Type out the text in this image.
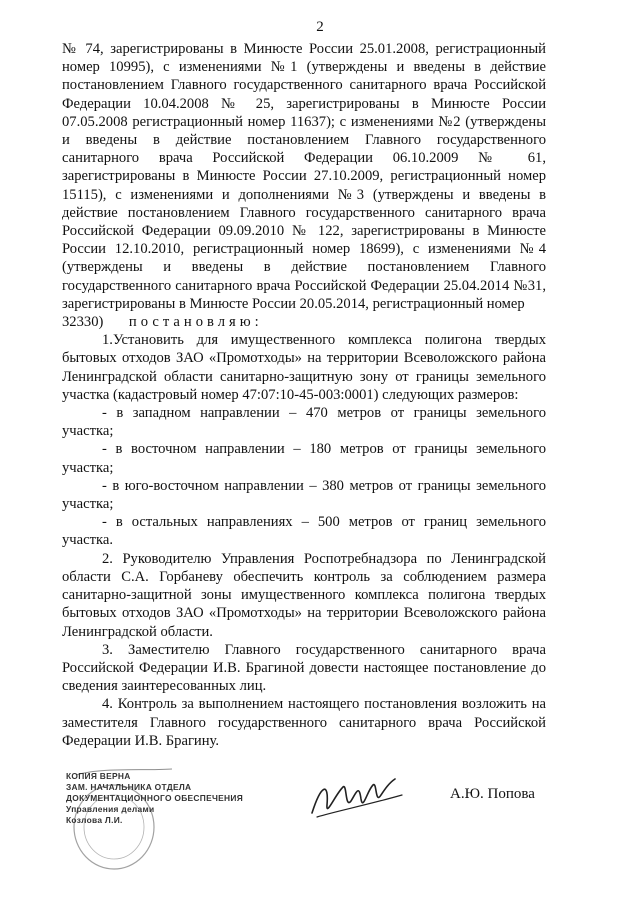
2

№ 74, зарегистрированы в Минюсте России 25.01.2008, регистрационный номер 10995), с изменениями №1 (утверждены и введены в действие постановлением Главного государственного санитарного врача Российской Федерации 10.04.2008 № 25, зарегистрированы в Минюсте России 07.05.2008 регистрационный номер 11637); с изменениями №2 (утверждены и введены в действие постановлением Главного государственного санитарного врача Российской Федерации 06.10.2009 № 61, зарегистрированы в Минюсте России 27.10.2009, регистрационный номер 15115), с изменениями и дополнениями №3 (утверждены и введены в действие постановлением Главного государственного санитарного врача Российской Федерации 09.09.2010 № 122, зарегистрированы в Минюсте России 12.10.2010, регистрационный номер 18699), с изменениями №4 (утверждены и введены в действие постановлением Главного государственного санитарного врача Российской Федерации 25.04.2014 №31, зарегистрированы в Минюсте России 20.05.2014, регистрационный номер

32330) постановляю:

1.Установить для имущественного комплекса полигона твердых бытовых отходов ЗАО «Промотходы» на территории Всеволожского района Ленинградской области санитарно-защитную зону от границы земельного участка (кадастровый номер 47:07:10-45-003:0001) следующих размеров:

- в западном направлении – 470 метров от границы земельного участка;

- в восточном направлении – 180 метров от границы земельного участка;

- в юго-восточном направлении – 380 метров от границы земельного участка;

- в остальных направлениях – 500 метров от границ земельного участка.

2. Руководителю Управления Роспотребнадзора по Ленинградской области С.А. Горбаневу обеспечить контроль за соблюдением размера санитарно-защитной зоны имущественного комплекса полигона твердых бытовых отходов ЗАО «Промотходы» на территории Всеволожского района Ленинградской области.

3. Заместителю Главного государственного санитарного врача Российской Федерации И.В. Брагиной довести настоящее постановление до сведения заинтересованных лиц.

4. Контроль за выполнением настоящего постановления возложить на заместителя Главного государственного санитарного врача Российской Федерации И.В. Брагину.

КОПИЯ ВЕРНА
ЗАМ. НАЧАЛЬНИКА ОТДЕЛА
ДОКУМЕНТАЦИОННОГО ОБЕСПЕЧЕНИЯ
Управления делами
Козлова Л.И.
А.Ю. Попова
